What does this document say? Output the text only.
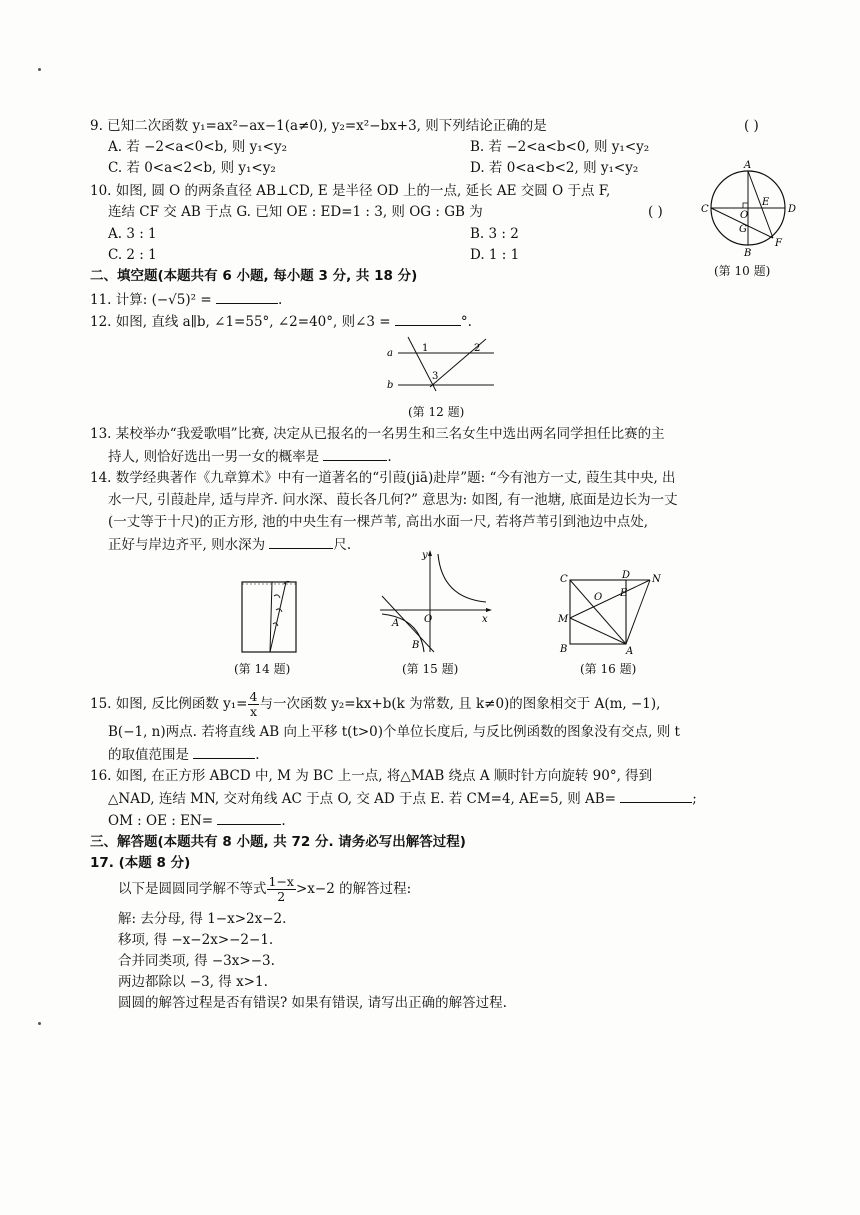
9. 已知二次函数 y₁=ax²−ax−1(a≠0), y₂=x²−bx+3, 则下列结论正确的是	( )
A. 若 −2<a<0<b, 则 y₁<y₂	B. 若 −2<a<b<0, 则 y₁<y₂
C. 若 0<a<2<b, 则 y₁<y₂	D. 若 0<a<b<2, 则 y₁<y₂
10. 如图, 圆 O 的两条直径 AB⊥CD, E 是半径 OD 上的一点, 延长 AE 交圆 O 于点 F,
连结 CF 交 AB 于点 G. 已知 OE : ED=1 : 3, 则 OG : GB 为	( )
A. 3 : 1	B. 3 : 2
C. 2 : 1	D. 1 : 1
A
B
C	D
O
E
F
G
(第 10 题)
二、填空题(本题共有 6 小题, 每小题 3 分, 共 18 分)
11. 计算: (−√5)² =	.
12. 如图, 直线 a∥b, ∠1=55°, ∠2=40°, 则∠3 =	°.
a
b
1	2
3
(第 12 题)
13. 某校举办“我爱歌唱”比赛, 决定从已报名的一名男生和三名女生中选出两名同学担任比赛的主
持人, 则恰好选出一男一女的概率是	.
14. 数学经典著作《九章算术》中有一道著名的“引葭(jiā)赴岸”题: “今有池方一丈, 葭生其中央, 出
水一尺, 引葭赴岸, 适与岸齐. 问水深、葭长各几何?” 意思为: 如图, 有一池塘, 底面是边长为一丈
(一丈等于十尺)的正方形, 池的中央生有一棵芦苇, 高出水面一尺, 若将芦苇引到池边中点处,
正好与岸边齐平, 则水深为	尺.
(第 14 题)
y
x
O
A
B
(第 15 题)
C	D N
M
O E
B	A
(第 16 题)
15. 如图, 反比例函数 $y_1= \frac{4}{x}$ 与一次函数 y₂=kx+b(k 为常数, 且 k≠0)的图象相交于 A(m, −1),
B(−1, n)两点. 若将直线 AB 向上平移 t(t>0)个单位长度后, 与反比例函数的图象没有交点, 则 t
的取值范围是	.
16. 如图, 在正方形 ABCD 中, M 为 BC 上一点, 将△MAB 绕点 A 顺时针方向旋转 90°, 得到
△NAD, 连结 MN, 交对角线 AC 于点 O, 交 AD 于点 E. 若 CM=4, AE=5, 则 AB=	;
OM : OE : EN=	.
三、解答题(本题共有 8 小题, 共 72 分. 请务必写出解答过程)
17. (本题 8 分)
以下是圆圆同学解不等式 $\frac{1-x}{2} >x-2$ 的解答过程:
解: 去分母, 得 1−x>2x−2.
移项, 得 −x−2x>−2−1.
合并同类项, 得 −3x>−3.
两边都除以 −3, 得 x>1.
圆圆的解答过程是否有错误? 如果有错误, 请写出正确的解答过程.
